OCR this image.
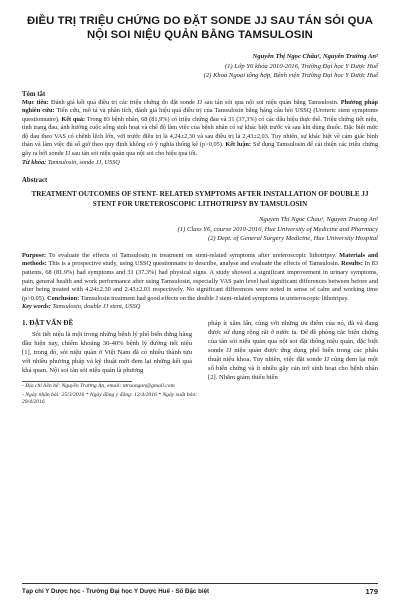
ĐIỀU TRỊ TRIỆU CHỨNG DO ĐẶT SONDE JJ SAU TÁN SỎI QUA NỘI SOI NIỆU QUẢN BẰNG TAMSULOSIN
Nguyễn Thị Ngọc Châu¹, Nguyễn Trường An²
(1) Lớp Y6 khóa 2010-2016, Trường Đại học Y Dược Huế
(2) Khoa Ngoại tổng hợp, Bệnh viện Trường Đại học Y Dược Huế
Tóm tắt

Mục tiêu: Đánh giá kết quả điều trị các triệu chứng do đặt sonde JJ sau tán sỏi qua nội soi niệu quản bằng Tamsulosin. Phương pháp nghiên cứu: Tiến cứu, mô tả và phân tích, đánh giá hiệu quả điều trị của Tamsulosin bằng bảng câu hỏi USSQ (Ureteric stent symptoms questionnaire). Kết quả: Trong 83 bệnh nhân, 68 (81,9%) có triệu chứng đau và 31 (37,3%) có các dấu hiệu thực thể. Triệu chứng tiết niệu, tình trạng đau, ảnh hưởng cuộc sống sinh hoạt và chế độ làm việc của bệnh nhân có sự khác biệt trước và sau khi dùng thuốc. Đặc biệt mức độ đau theo VAS có chênh lệch lớn, với trước điều trị là 4,24±2,30 và sau điều trị là 2,43±2,03. Tuy nhiên, sự khác biệt về cảm giác bình thản và làm việc đủ số giờ theo quy định không có ý nghĩa thống kê (p>0,05). Kết luận: Sử dụng Tamsulosin để cải thiện các triệu chứng gây ra bởi sonde JJ sau tán sỏi niệu quản qua nội soi cho hiệu quả tốt.

Từ khóa: Tamsulosin, sonde JJ, USSQ

Abstract
TREATMENT OUTCOMES OF STENT- RELATED SYMPTOMS AFTER INSTALLATION OF DOUBLE JJ STENT FOR URETEROSCOPIC LITHOTRIPSY BY TAMSULOSIN
Nguyen Thi Ngoc Chau¹, Nguyen Truong An²
(1) Class Y6, course 2010-2016, Hue University of Medicine and Pharmacy
(2) Dept. of General Surgery Medicine, Hue University Hospital

Purpose: To evaluate the effects of Tamsulosin in treatment on stent-related symptoms after ureteroscopic lithotripsy. Materials and methods: This is a prospective study, using USSQ questionnaire to describe, analyse and evaluate the effects of Tamsulosin. Results: In 83 patients, 68 (81.9%) had symptoms and 31 (37.3%) had physical signs. A study showed a significant improvement in urinary symptoms, pain, general health and work performance after using Tamsulosin, especially VAS pain level had significant differences between before and after being treated with 4.24±2.30 and 2.43±2.03 respectively. No significant differences were noted in sense of calm and working time (p>0.05). Conclusion: Tamsulosin treatment had good effects on the double J stent-related symptoms in ureteroscopic lithotripsy.

Key words: Tamsulosin, double JJ stent, USSQ

1. ĐẶT VẤN ĐỀ

Sỏi tiết niệu là một trong những bệnh lý phổ biến đứng hàng đầu hiện nay, chiếm khoảng 30-40% bệnh lý đường tiết niệu [1], trong đó, sỏi niệu quản ở Việt Nam đã có nhiều thành tựu với nhiều phương pháp và kỹ thuật mới đem lại những kết quả khả quan. Nội soi tán sỏi niệu quản là phương

- Địa chỉ liên hệ: Nguyễn Trường An, email: ntruongan@gmail.com
- Ngày nhận bài: 25/3/2016 * Ngày đồng ý đăng: 12/4/2016 * Ngày xuất bản: 29/4/2016

pháp ít xâm lấn, cùng với những ưu điểm của nó, đã và đang được sử dụng rộng rãi ở nước ta. Để đề phòng các biến chứng của tán sỏi niệu quản qua nội soi đặt thông niệu quản, đặc biệt sonde JJ niệu quản được ứng dụng phổ biến trong các phẫu thuật niệu khoa. Tuy nhiên, việc đặt sonde JJ cũng đem lại một số biến chứng và ít nhiều gây cản trở sinh hoạt cho bệnh nhân [2]. Nhằm giảm thiểu biến

Tạp chí Y Dược học - Trường Đại học Y Dược Huế - Số Đặc biệt	179
